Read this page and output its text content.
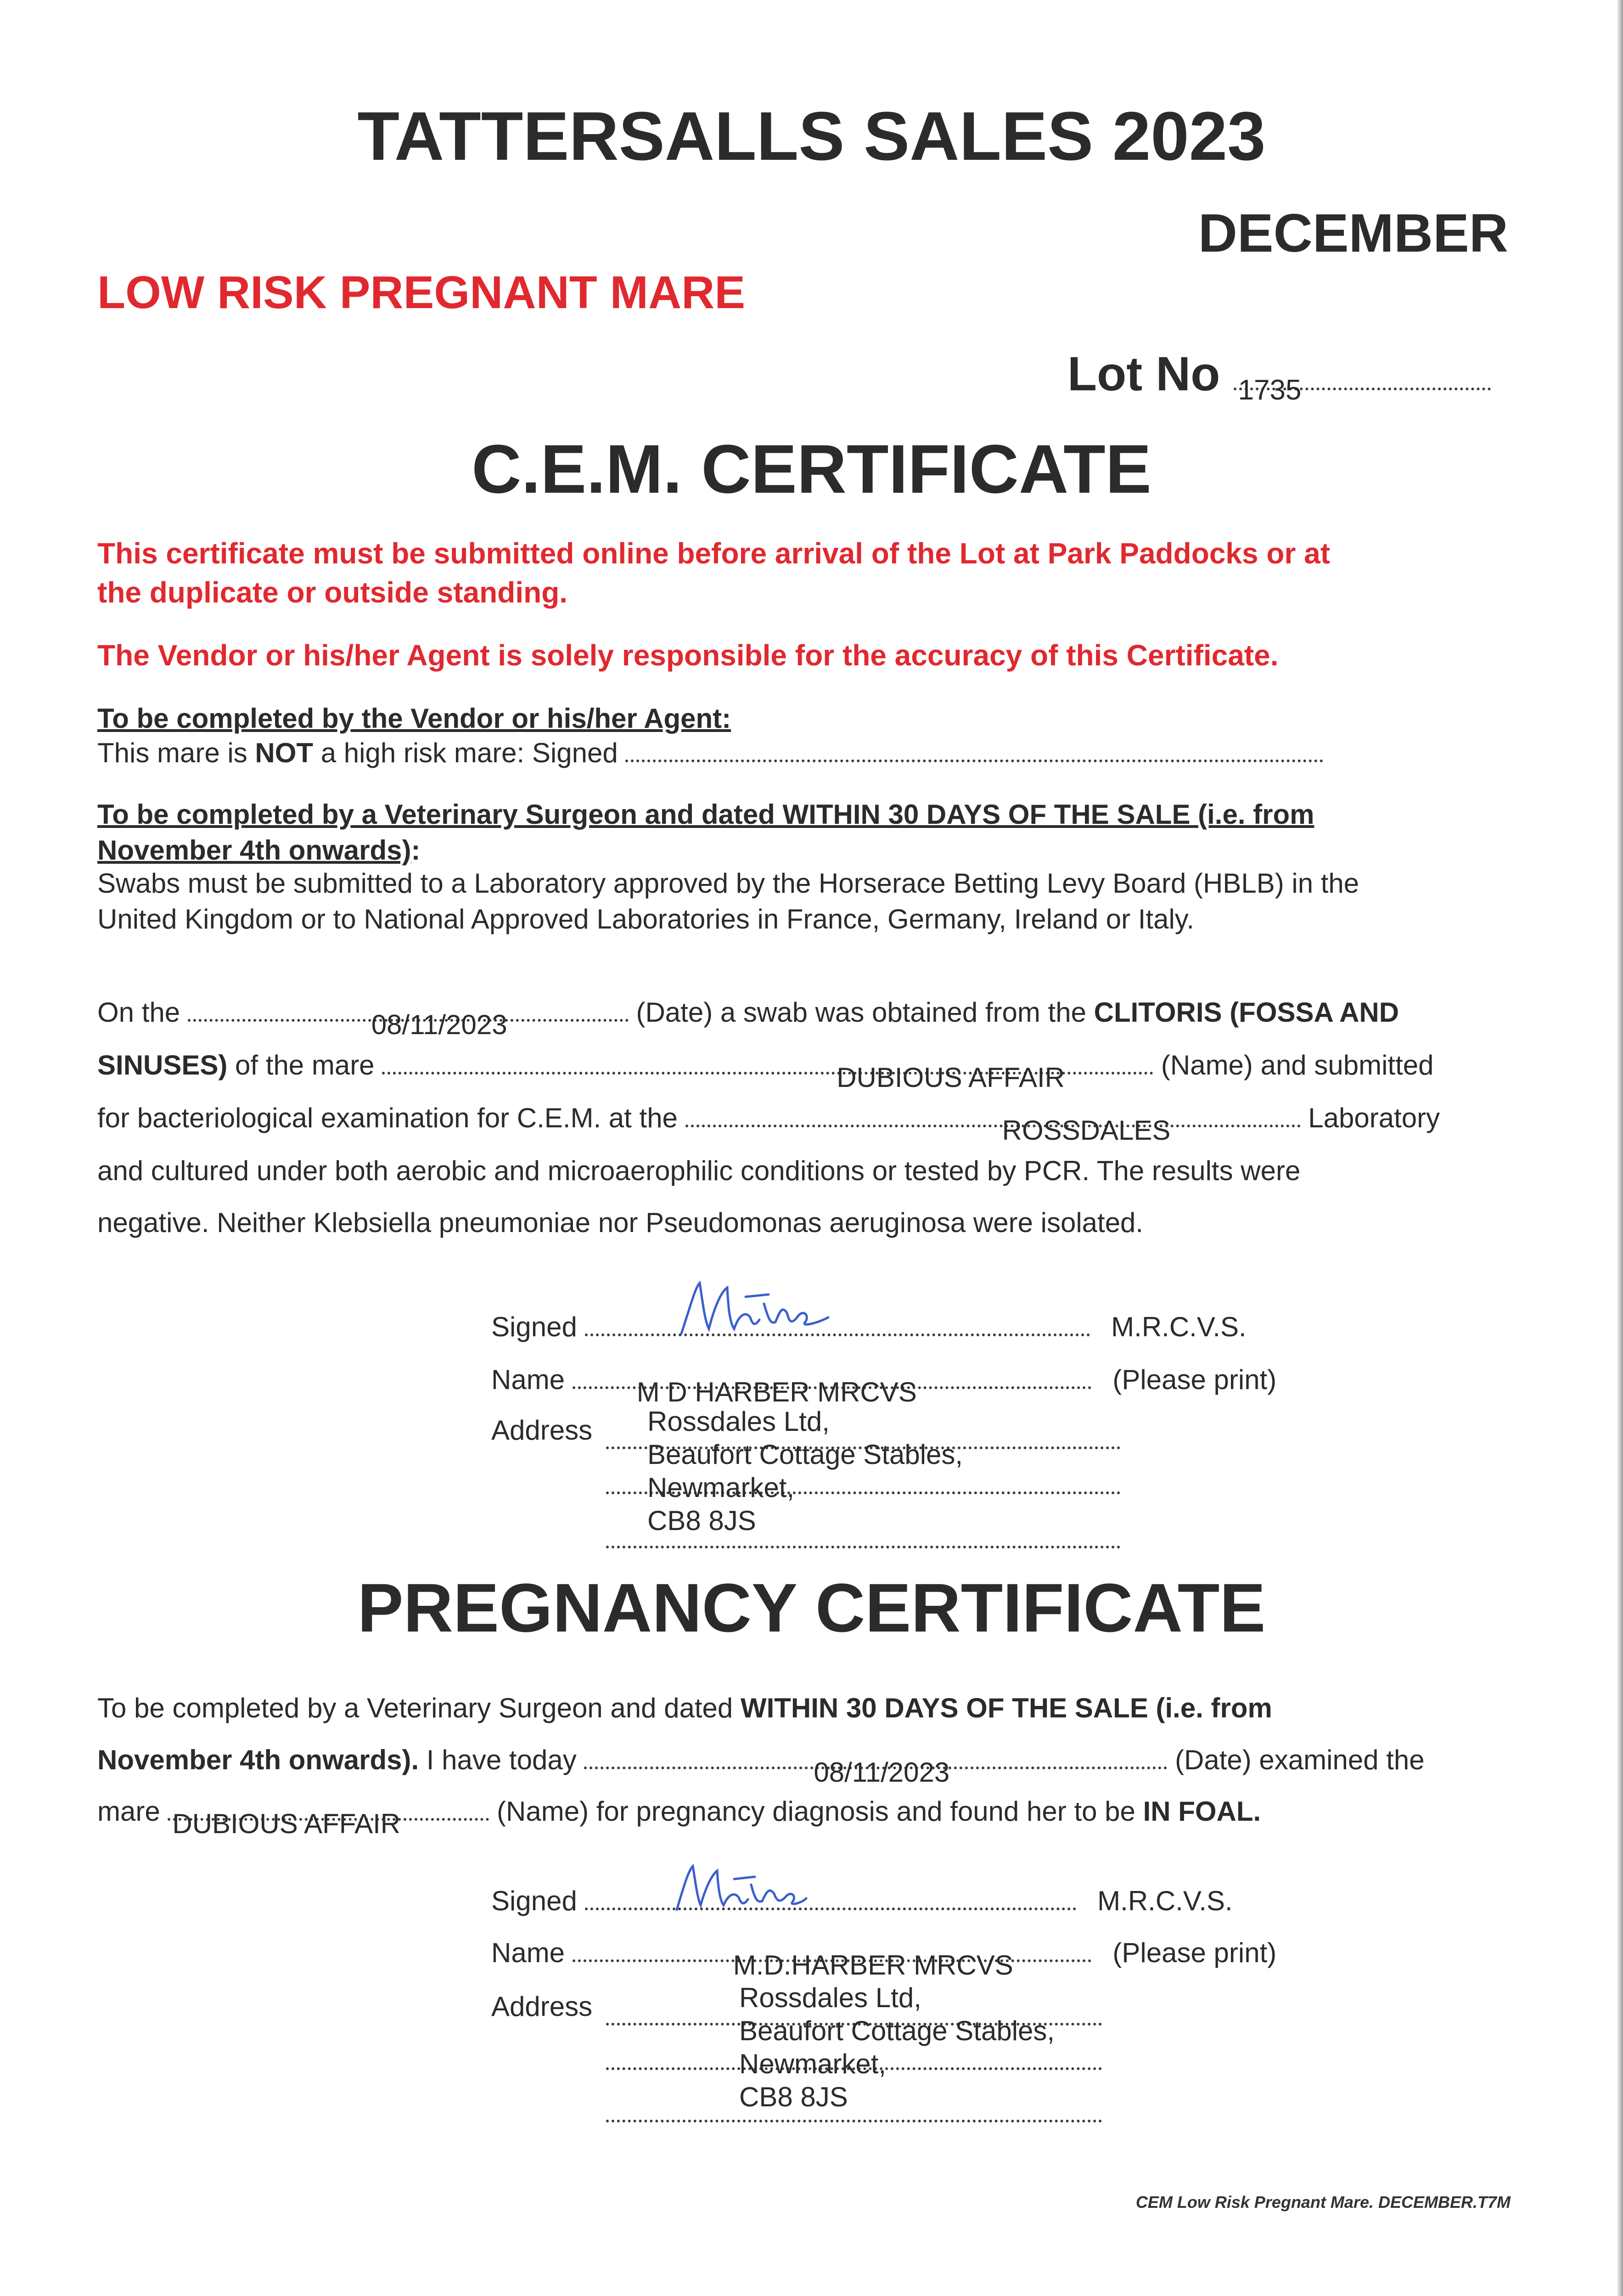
TATTERSALLS SALES 2023
DECEMBER
LOW RISK PREGNANT MARE
Lot No 1735
C.E.M. CERTIFICATE
This certificate must be submitted online before arrival of the Lot at Park Paddocks or at
the duplicate or outside standing.
The Vendor or his/her Agent is solely responsible for the accuracy of this Certificate.
To be completed by the Vendor or his/her Agent:
This mare is NOT a high risk mare: Signed
To be completed by a Veterinary Surgeon and dated WITHIN 30 DAYS OF THE SALE (i.e. from
November 4th onwards):
Swabs must be submitted to a Laboratory approved by the Horserace Betting Levy Board (HBLB) in the
United Kingdom or to National Approved Laboratories in France, Germany, Ireland or Italy.
On the	08/11/2023	(Date) a swab was obtained from the CLITORIS (FOSSA AND
SINUSES) of the mare	DUBIOUS AFFAIR	(Name) and submitted
for bacteriological examination for C.E.M. at the	ROSSDALES	Laboratory
and cultured under both aerobic and microaerophilic conditions or tested by PCR. The results were
negative. Neither Klebsiella pneumoniae nor Pseudomonas aeruginosa were isolated.
Signed	M.R.C.V.S.
Name	M D HARBER MRCVS	(Please print)
Address Rossdales Ltd,
Beaufort Cottage Stables,
Newmarket,
CB8 8JS
PREGNANCY CERTIFICATE
To be completed by a Veterinary Surgeon and dated WITHIN 30 DAYS OF THE SALE (i.e. from
November 4th onwards). I have today	08/11/2023	(Date) examined the
mare DUBIOUS AFFAIR	(Name) for pregnancy diagnosis and found her to be IN FOAL.
Signed	M.R.C.V.S.
Name	M.D.HARBER MRCVS	(Please print)
Address	Rossdales Ltd,
Beaufort Cottage Stables,
Newmarket,
CB8 8JS
CEM Low Risk Pregnant Mare. DECEMBER.T7M
